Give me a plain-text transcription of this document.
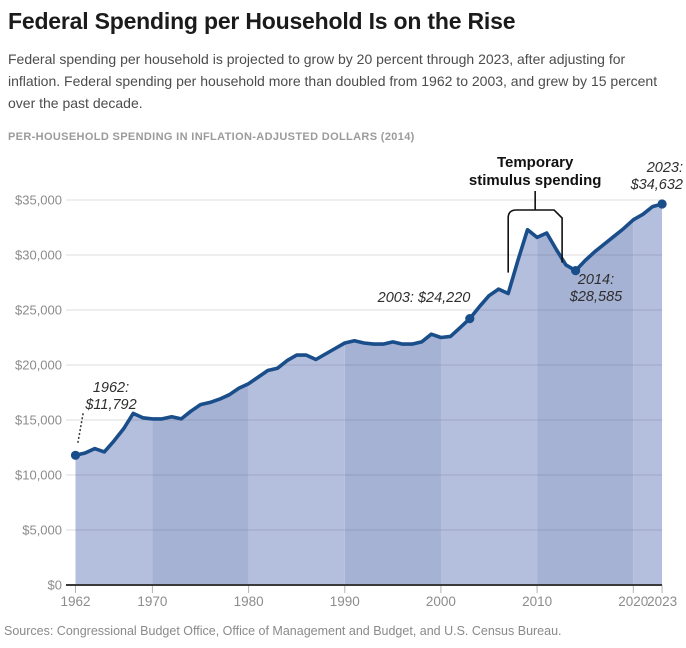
Federal Spending per Household Is on the Rise

Federal spending per household is projected to grow by 20 percent through 2023, after adjusting for inflation. Federal spending per household more than doubled from 1962 to 2003, and grew by 15 percent over the past decade.

PER-HOUSEHOLD SPENDING IN INFLATION-ADJUSTED DOLLARS (2014)
1962	1970	1980	1990	2000	2010	2020
2023
$0
$5,000
$10,000
$15,000
$20,000
$25,000
$30,000
$35,000
1962:
$11,792
2003: $24,220
2014:
$28,585
2023:
$34,632
Temporary
stimulus spending

Sources: Congressional Budget Office, Office of Management and Budget, and U.S. Census Bureau.
